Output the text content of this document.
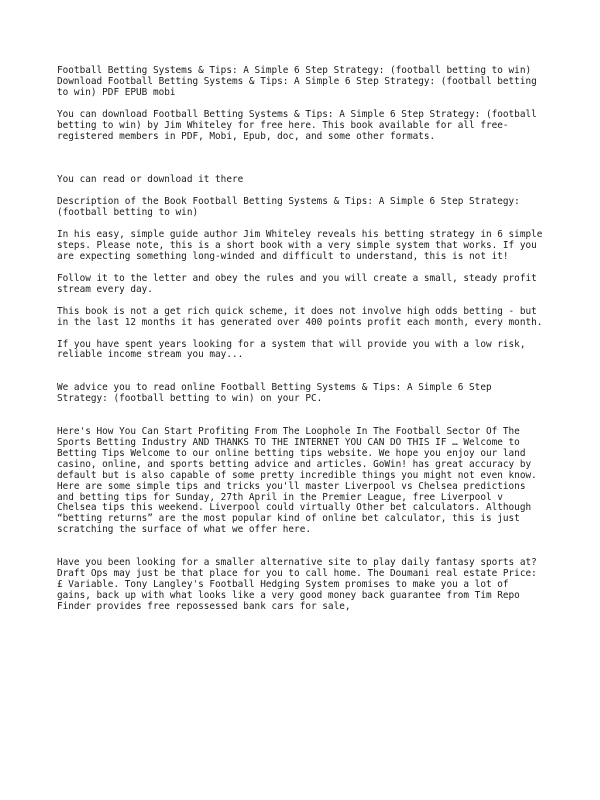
Football Betting Systems & Tips: A Simple 6 Step Strategy: (football betting to win)

Download Football Betting Systems & Tips: A Simple 6 Step Strategy: (football betting to win) PDF EPUB mobi

You can download Football Betting Systems & Tips: A Simple 6 Step Strategy: (football betting to win) by Jim Whiteley for free here. This book available for all free-registered members in PDF, Mobi, Epub, doc, and some other formats.

You can read or download it there

Description of the Book Football Betting Systems & Tips: A Simple 6 Step Strategy: (football betting to win)

In his easy, simple guide author Jim Whiteley reveals his betting strategy in 6 simple steps. Please note, this is a short book with a very simple system that works. If you are expecting something long-winded and difficult to understand, this is not it!

Follow it to the letter and obey the rules and you will create a small, steady profit stream every day.

This book is not a get rich quick scheme, it does not involve high odds betting - but in the last 12 months it has generated over 400 points profit each month, every month.

If you have spent years looking for a system that will provide you with a low risk, reliable income stream you may...

We advice you to read online Football Betting Systems & Tips: A Simple 6 Step Strategy: (football betting to win) on your PC.

Here's How You Can Start Profiting From The Loophole In The Football Sector Of The Sports Betting Industry AND THANKS TO THE INTERNET YOU CAN DO THIS IF … Welcome to Betting Tips Welcome to our online betting tips website. We hope you enjoy our land casino, online, and sports betting advice and articles. GoWin! has great accuracy by default but is also capable of some pretty incredible things you might not even know. Here are some simple tips and tricks you'll master Liverpool vs Chelsea predictions and betting tips for Sunday, 27th April in the Premier League, free Liverpool v Chelsea tips this weekend. Liverpool could virtually Other bet calculators. Although “betting returns” are the most popular kind of online bet calculator, this is just scratching the surface of what we offer here.

Have you been looking for a smaller alternative site to play daily fantasy sports at? Draft Ops may just be that place for you to call home. The Doumani real estate Price: £ Variable. Tony Langley's Football Hedging System promises to make you a lot of gains, back up with what looks like a very good money back guarantee from Tim Repo Finder provides free repossessed bank cars for sale,
